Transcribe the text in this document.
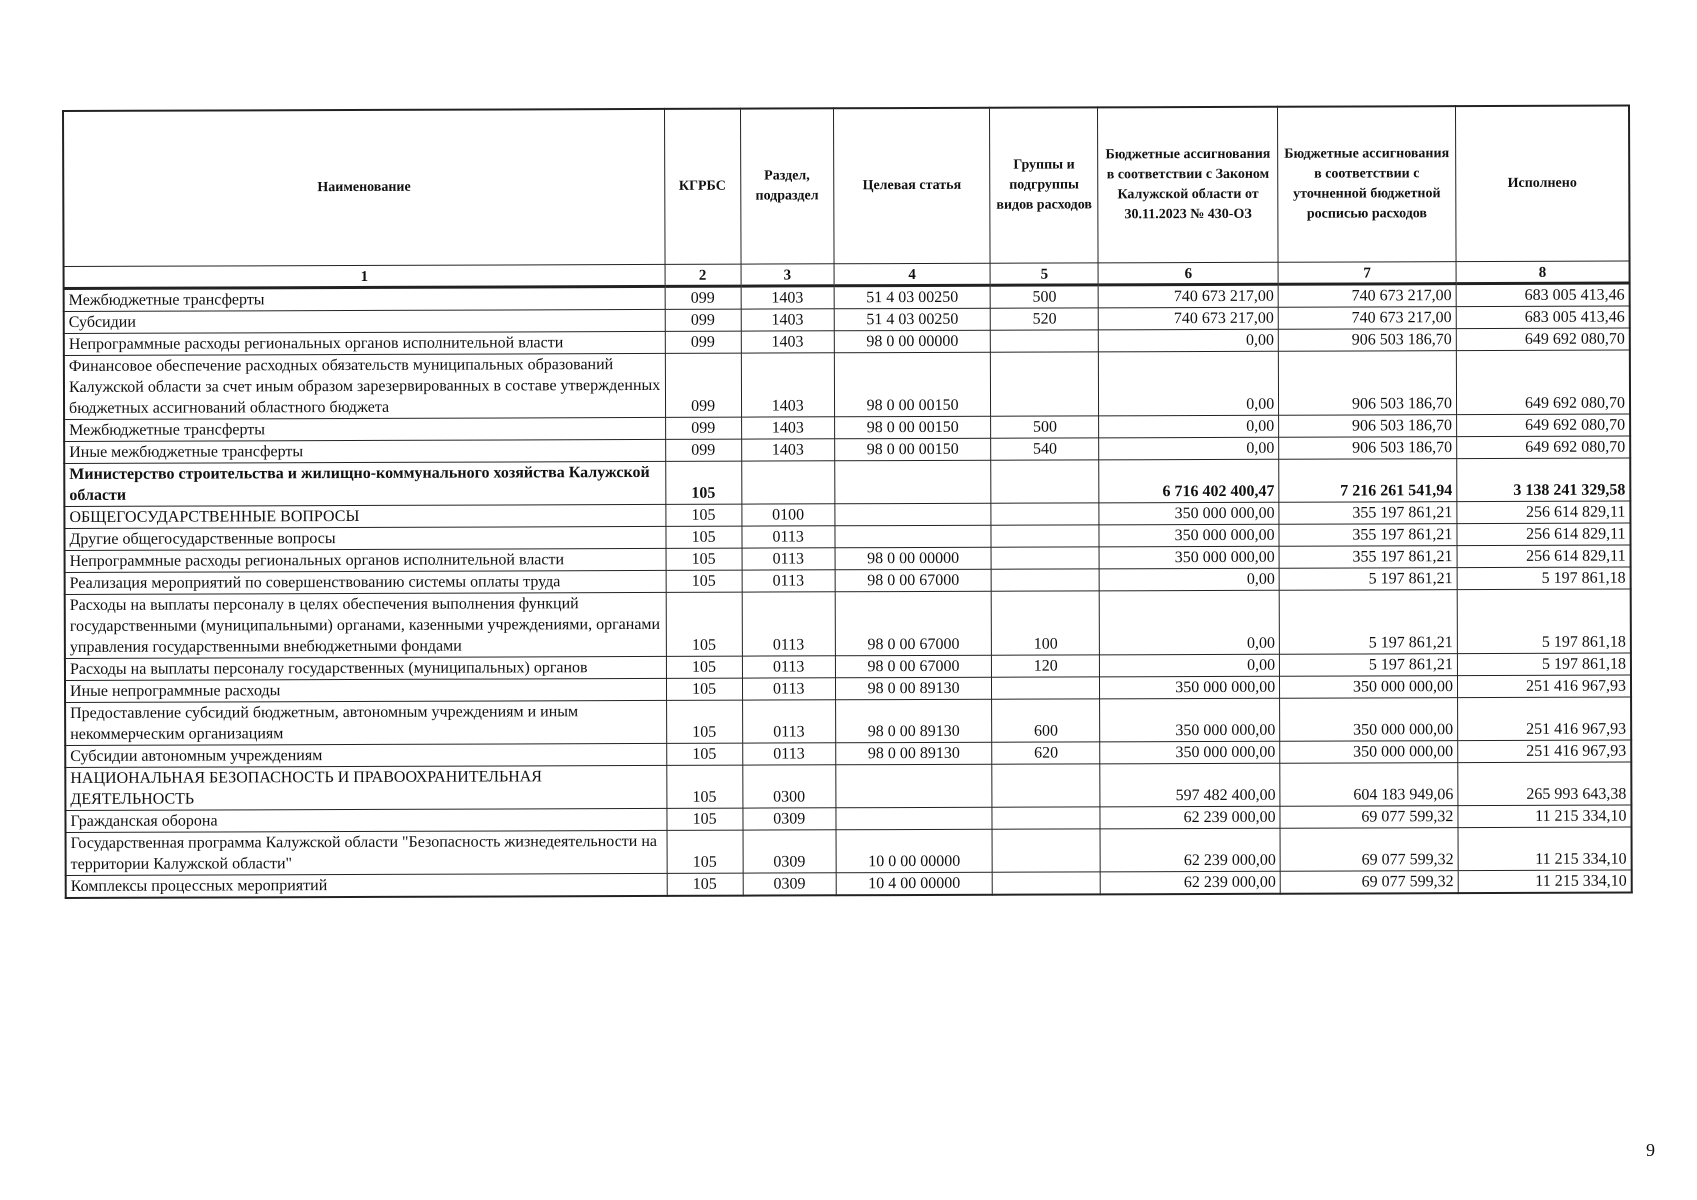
Наименование	КГРБС	Раздел, подраздел	Целевая статья	Группы и подгруппы видов расходов	Бюджетные ассигнования в соответствии с Законом Калужской области от 30.11.2023 № 430-ОЗ	Бюджетные ассигнования в соответствии с уточненной бюджетной росписью расходов	Исполнено
1	2	3	4	5	6	7	8
Межбюджетные трансферты	099	1403	51 4 03 00250	500	740 673 217,00	740 673 217,00	683 005 413,46
Субсидии	099	1403	51 4 03 00250	520	740 673 217,00	740 673 217,00	683 005 413,46
Непрограммные расходы региональных органов исполнительной власти	099	1403	98 0 00 00000		0,00	906 503 186,70	649 692 080,70
Финансовое обеспечение расходных обязательств муниципальных образований Калужской области за счет иным образом зарезервированных в составе утвержденных бюджетных ассигнований областного бюджета	099	1403	98 0 00 00150		0,00	906 503 186,70	649 692 080,70
Межбюджетные трансферты	099	1403	98 0 00 00150	500	0,00	906 503 186,70	649 692 080,70
Иные межбюджетные трансферты	099	1403	98 0 00 00150	540	0,00	906 503 186,70	649 692 080,70
Министерство строительства и жилищно-коммунального хозяйства Калужской области	105				6 716 402 400,47	7 216 261 541,94	3 138 241 329,58
ОБЩЕГОСУДАРСТВЕННЫЕ ВОПРОСЫ	105	0100			350 000 000,00	355 197 861,21	256 614 829,11
Другие общегосударственные вопросы	105	0113			350 000 000,00	355 197 861,21	256 614 829,11
Непрограммные расходы региональных органов исполнительной власти	105	0113	98 0 00 00000		350 000 000,00	355 197 861,21	256 614 829,11
Реализация мероприятий по совершенствованию системы оплаты труда	105	0113	98 0 00 67000		0,00	5 197 861,21	5 197 861,18
Расходы на выплаты персоналу в целях обеспечения выполнения функций государственными (муниципальными) органами, казенными учреждениями, органами управления государственными внебюджетными фондами	105	0113	98 0 00 67000	100	0,00	5 197 861,21	5 197 861,18
Расходы на выплаты персоналу государственных (муниципальных) органов	105	0113	98 0 00 67000	120	0,00	5 197 861,21	5 197 861,18
Иные непрограммные расходы	105	0113	98 0 00 89130		350 000 000,00	350 000 000,00	251 416 967,93
Предоставление субсидий бюджетным, автономным учреждениям и иным некоммерческим организациям	105	0113	98 0 00 89130	600	350 000 000,00	350 000 000,00	251 416 967,93
Субсидии автономным учреждениям	105	0113	98 0 00 89130	620	350 000 000,00	350 000 000,00	251 416 967,93
НАЦИОНАЛЬНАЯ БЕЗОПАСНОСТЬ И ПРАВООХРАНИТЕЛЬНАЯ ДЕЯТЕЛЬНОСТЬ	105	0300			597 482 400,00	604 183 949,06	265 993 643,38
Гражданская оборона	105	0309			62 239 000,00	69 077 599,32	11 215 334,10
Государственная программа Калужской области "Безопасность жизнедеятельности на территории Калужской области"	105	0309	10 0 00 00000		62 239 000,00	69 077 599,32	11 215 334,10
Комплексы процессных мероприятий	105	0309	10 4 00 00000		62 239 000,00	69 077 599,32	11 215 334,10
9
